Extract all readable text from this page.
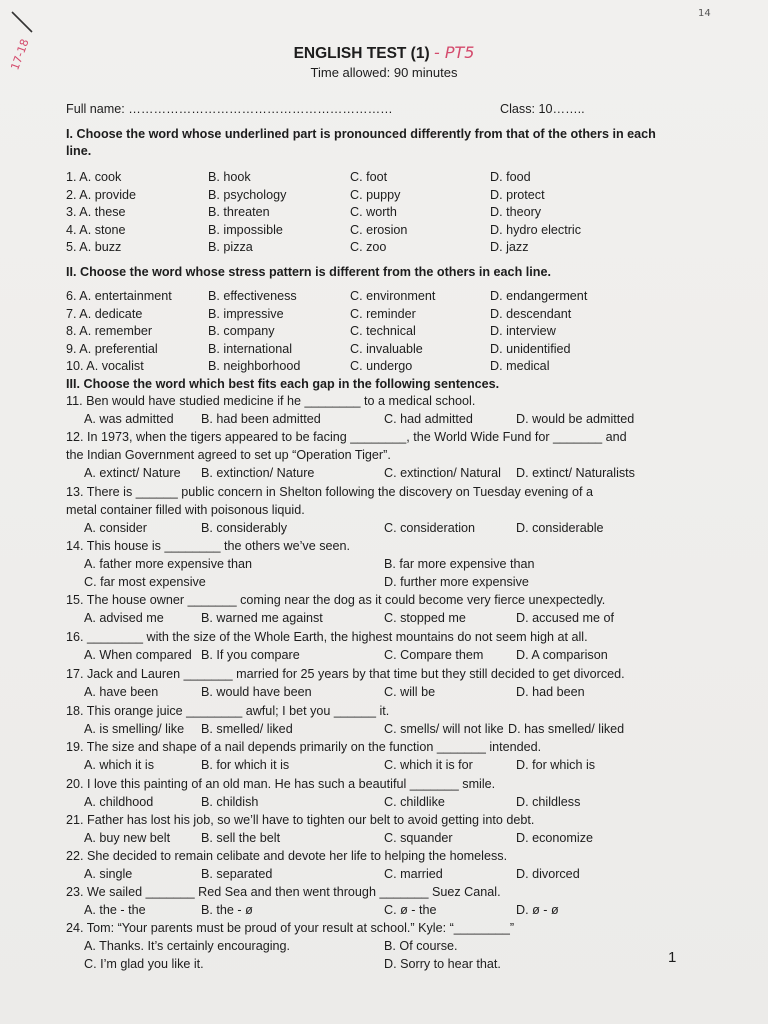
17-18
14
ENGLISH TEST (1) - PT5
Time allowed: 90 minutes
Full name: ………………………………………………………	Class: 10……..
I. Choose the word whose underlined part is pronounced differently from that of the others in each line.
1. A. cook	B. hook	C. foot	D. food
2. A. provide	B. psychology	C. puppy	D. protect
3. A. these	B. threaten	C. worth	D. theory
4. A. stone	B. impossible	C. erosion	D. hydro electric
5. A. buzz	B. pizza	C. zoo	D. jazz
II. Choose the word whose stress pattern is different from the others in each line.
6. A. entertainment	B. effectiveness	C. environment	D. endangerment
7. A. dedicate	B. impressive	C. reminder	D. descendant
8. A. remember	B. company	C. technical	D. interview
9. A. preferential	B. international	C. invaluable	D. unidentified
10. A. vocalist	B. neighborhood	C. undergo	D. medical
III. Choose the word which best fits each gap in the following sentences.
11. Ben would have studied medicine if he ________ to a medical school.
A. was admitted B. had been admitted	C. had admitted	D. would be admitted
12. In 1973, when the tigers appeared to be facing ________, the World Wide Fund for _______ and
the Indian Government agreed to set up “Operation Tiger”.
A. extinct/ Nature B. extinction/ Nature	C. extinction/ Natural D. extinct/ Naturalists
13. There is ______ public concern in Shelton following the discovery on Tuesday evening of a
metal container filled with poisonous liquid.
A. consider	B. considerably	C. consideration	D. considerable
14. This house is ________ the others we’ve seen.
A. father more expensive than	B. far more expensive than
C. far most expensive	D. further more expensive
15. The house owner _______ coming near the dog as it could become very fierce unexpectedly.
A. advised me	B. warned me against	C. stopped me	D. accused me of
16. ________ with the size of the Whole Earth, the highest mountains do not seem high at all.
A. When compared B. If you compare	C. Compare them	D. A comparison
17. Jack and Lauren _______ married for 25 years by that time but they still decided to get divorced.
A. have been	B. would have been	C. will be	D. had been
18. This orange juice ________ awful; I bet you ______ it.
A. is smelling/ like B. smelled/ liked	C. smells/ will not like D. has smelled/ liked
19. The size and shape of a nail depends primarily on the function _______ intended.
A. which it is	B. for which it is	C. which it is for	D. for which is
20. I love this painting of an old man. He has such a beautiful _______ smile.
A. childhood	B. childish	C. childlike	D. childless
21. Father has lost his job, so we’ll have to tighten our belt to avoid getting into debt.
A. buy new belt B. sell the belt	C. squander	D. economize
22. She decided to remain celibate and devote her life to helping the homeless.
A. single	B. separated	C. married	D. divorced
23. We sailed _______ Red Sea and then went through _______ Suez Canal.
A. the - the	B. the - ø	C. ø - the	D. ø - ø
24. Tom: “Your parents must be proud of your result at school.” Kyle: “________”
A. Thanks. It’s certainly encouraging.	B. Of course.
C. I’m glad you like it.	D. Sorry to hear that.	1
